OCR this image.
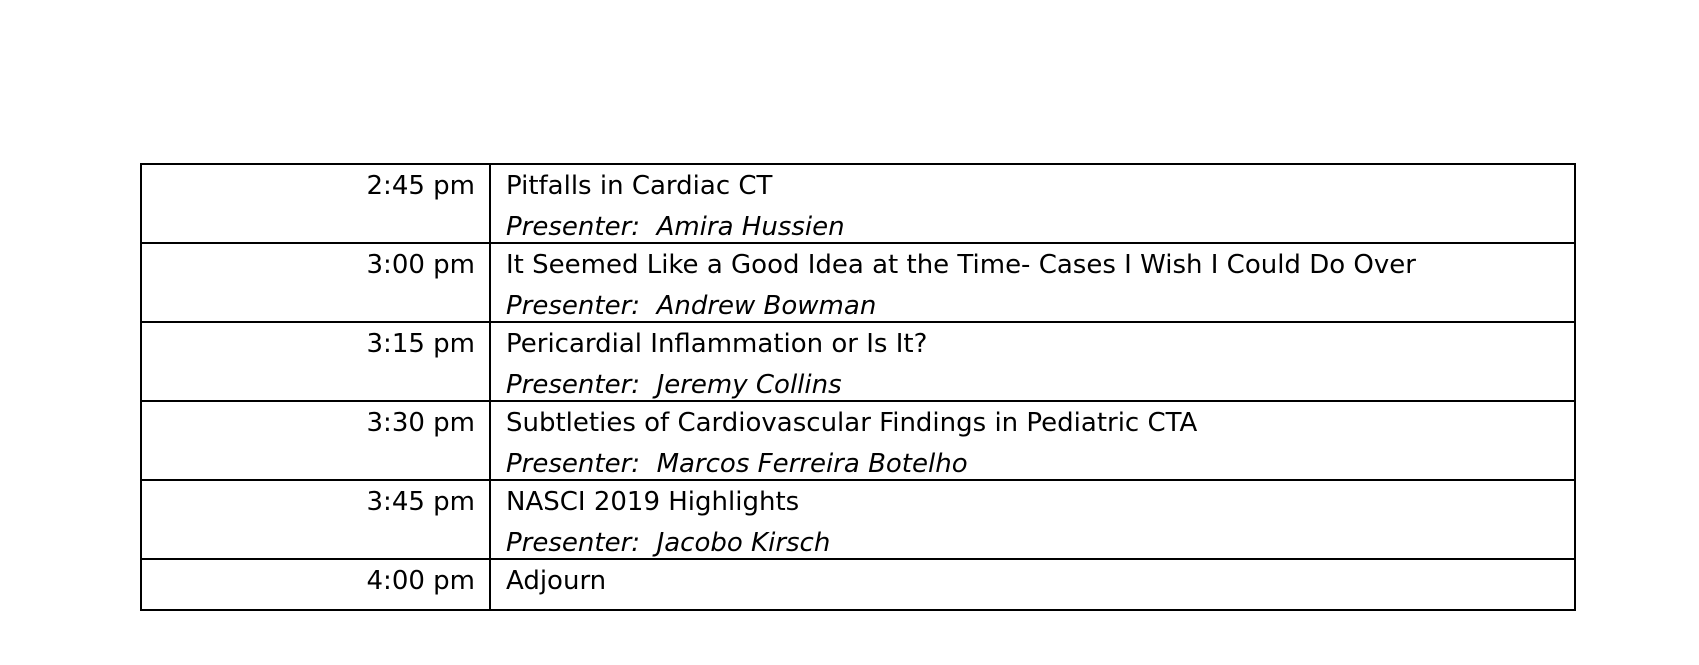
2:45 pm	Pitfalls in Cardiac CT
Presenter:  Amira Hussien

3:00 pm	It Seemed Like a Good Idea at the Time- Cases I Wish I Could Do Over
Presenter:  Andrew Bowman

3:15 pm	Pericardial Inflammation or Is It?
Presenter:  Jeremy Collins

3:30 pm	Subtleties of Cardiovascular Findings in Pediatric CTA
Presenter:  Marcos Ferreira Botelho

3:45 pm	NASCI 2019 Highlights
Presenter:  Jacobo Kirsch

4:00 pm	Adjourn
